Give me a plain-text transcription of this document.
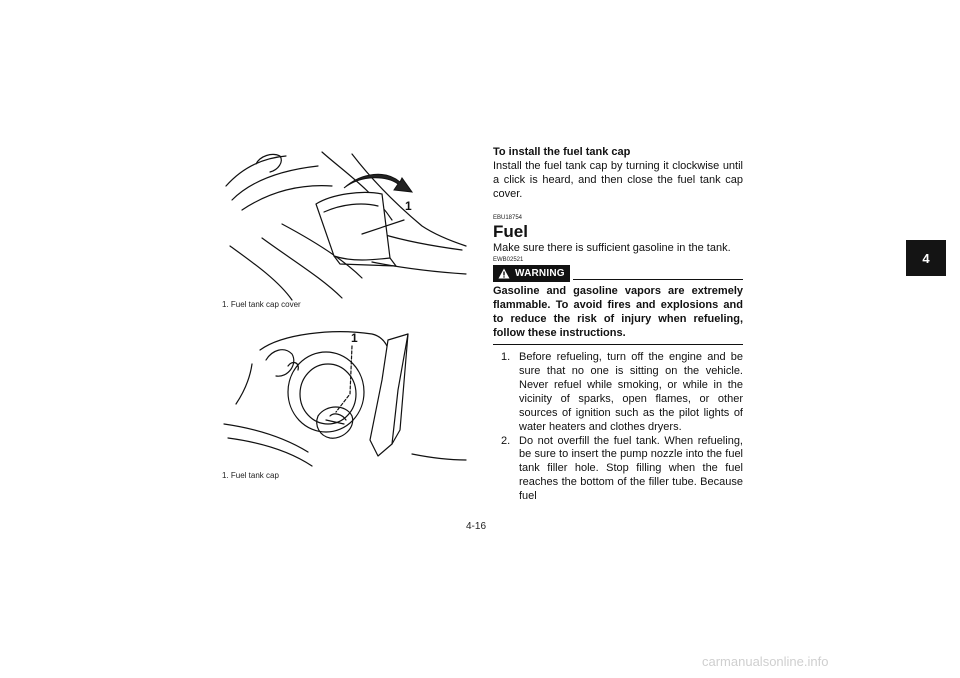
1
1. Fuel tank cap cover
1
1. Fuel tank cap
4

To install the fuel tank cap

Install the fuel tank cap by turning it clockwise until a click is heard, and then close the fuel tank cap cover.

EBU18754

Fuel

Make sure there is sufficient gasoline in the tank.

EWB02521
WARNING

Gasoline and gasoline vapors are extremely flammable. To avoid fires and explosions and to reduce the risk of injury when refueling, follow these instructions.

1. Before refueling, turn off the engine and be sure that no one is sitting on the vehicle. Never refuel while smoking, or while in the vicinity of sparks, open flames, or other sources of ignition such as the pilot lights of water heaters and clothes dryers.
2. Do not overfill the fuel tank. When refueling, be sure to insert the pump nozzle into the fuel tank filler hole. Stop filling when the fuel reaches the bottom of the filler tube. Because fuel
4-16
carmanualsonline.info
